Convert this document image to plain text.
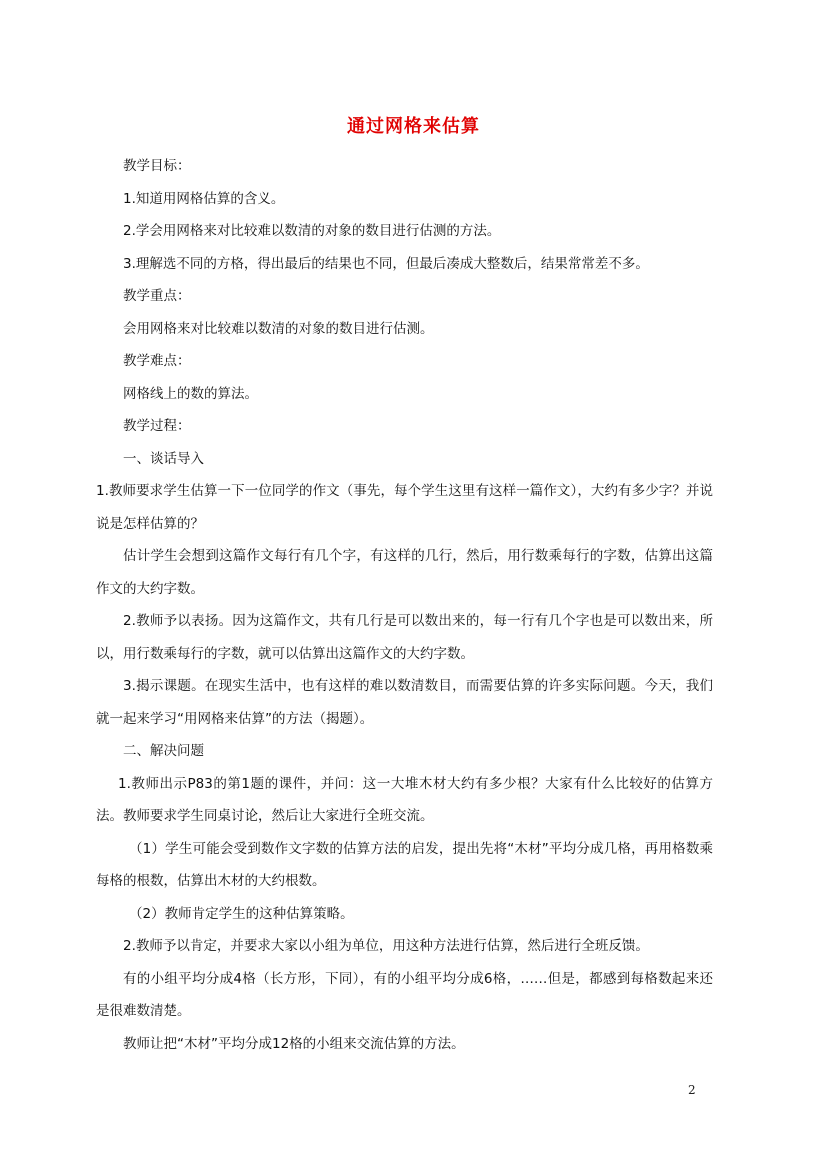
通过网格来估算

教学目标：

1.知道用网格估算的含义。

2.学会用网格来对比较难以数清的对象的数目进行估测的方法。

3.理解选不同的方格，得出最后的结果也不同，但最后凑成大整数后，结果常常差不多。

教学重点：

会用网格来对比较难以数清的对象的数目进行估测。

教学难点：

网格线上的数的算法。

教学过程：

一、谈话导入

1.教师要求学生估算一下一位同学的作文（事先，每个学生这里有这样一篇作文），大约有多少字？并说说是怎样估算的？

估计学生会想到这篇作文每行有几个字，有这样的几行，然后，用行数乘每行的字数，估算出这篇作文的大约字数。

2.教师予以表扬。因为这篇作文，共有几行是可以数出来的，每一行有几个字也是可以数出来，所以，用行数乘每行的字数，就可以估算出这篇作文的大约字数。

3.揭示课题。在现实生活中，也有这样的难以数清数目，而需要估算的许多实际问题。今天，我们就一起来学习“用网格来估算”的方法（揭题）。

二、解决问题

1.教师出示P83的第1题的课件，并问：这一大堆木材大约有多少根？大家有什么比较好的估算方法。教师要求学生同桌讨论，然后让大家进行全班交流。

（1）学生可能会受到数作文字数的估算方法的启发，提出先将“木材”平均分成几格，再用格数乘每格的根数，估算出木材的大约根数。

（2）教师肯定学生的这种估算策略。

2.教师予以肯定，并要求大家以小组为单位，用这种方法进行估算，然后进行全班反馈。

有的小组平均分成4格（长方形，下同），有的小组平均分成6格，……但是，都感到每格数起来还是很难数清楚。

教师让把“木材”平均分成12格的小组来交流估算的方法。

2
